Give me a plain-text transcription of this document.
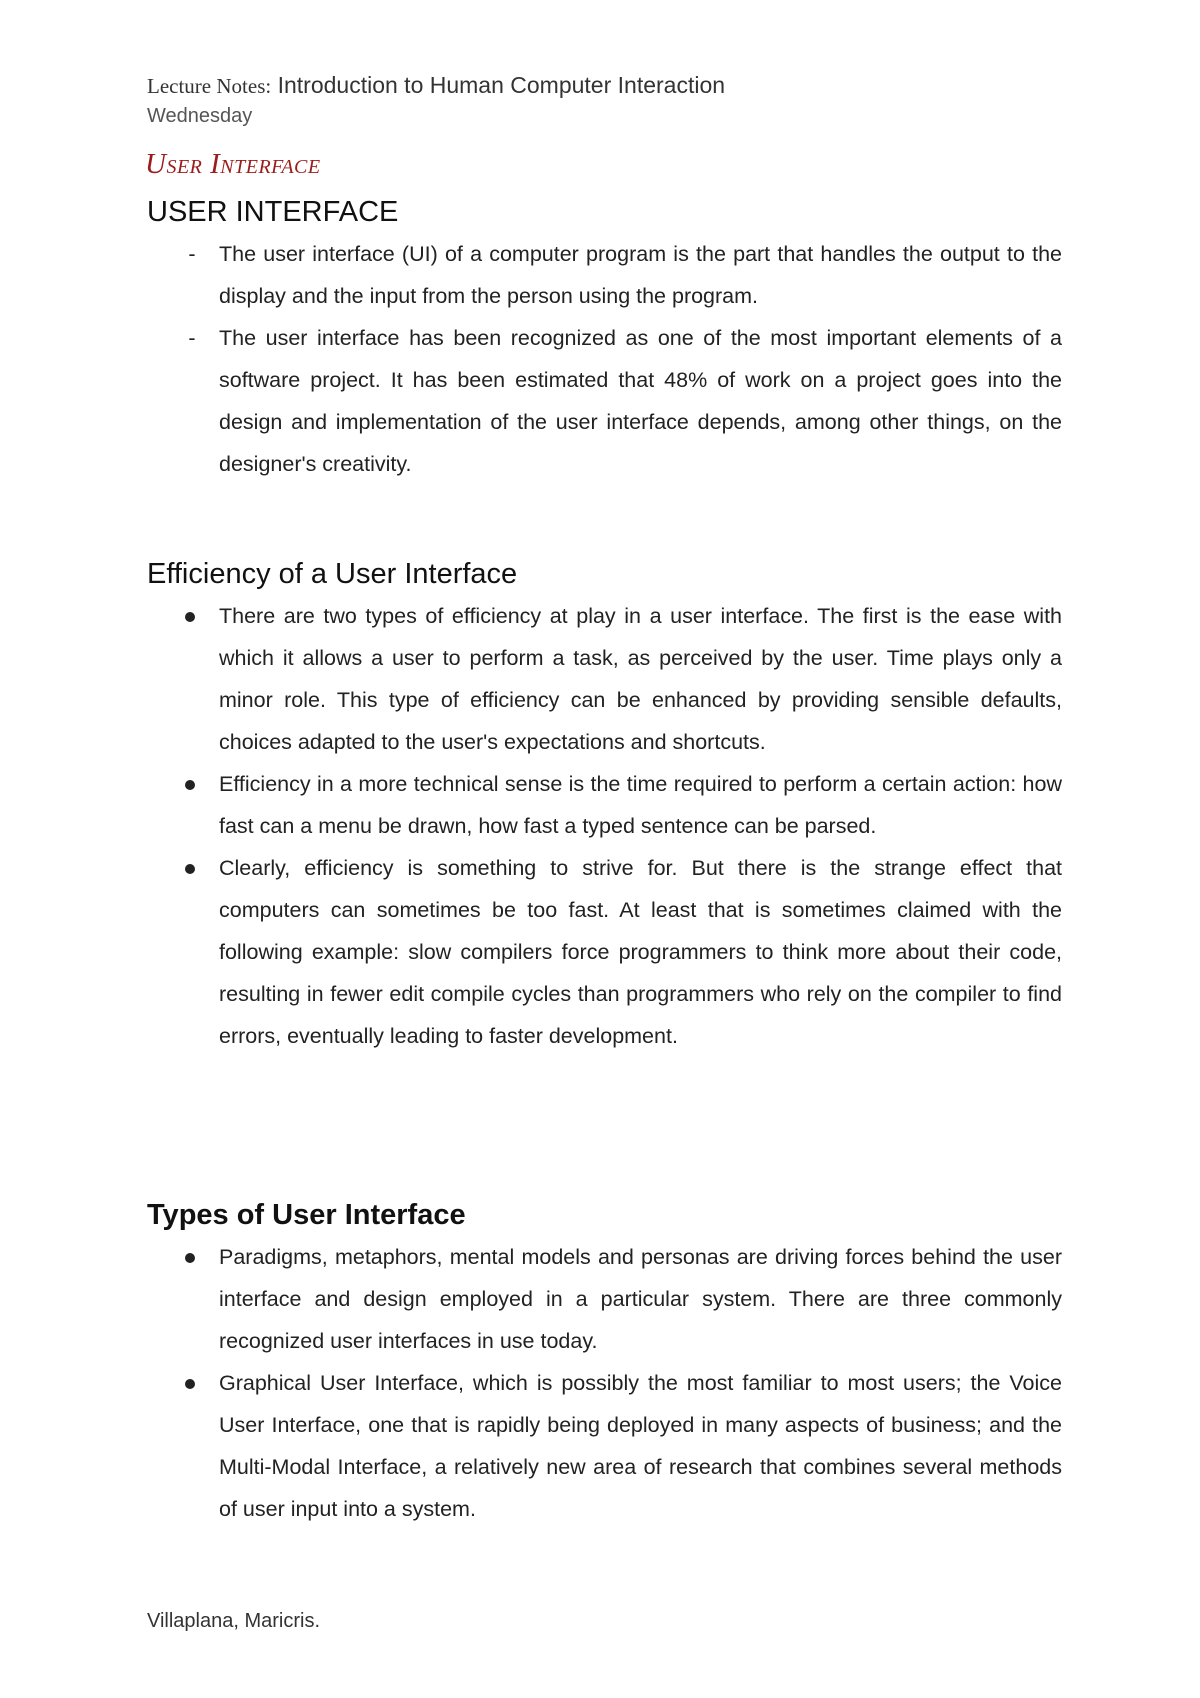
Lecture Notes: Introduction to Human Computer Interaction
Wednesday
User Interface
USER INTERFACE
- The user interface (UI) of a computer program is the part that handles the output to the display and the input from the person using the program.
- The user interface has been recognized as one of the most important elements of a software project. It has been estimated that 48% of work on a project goes into the design and implementation of the user interface depends, among other things, on the designer's creativity.
Efficiency of a User Interface
There are two types of efficiency at play in a user interface. The first is the ease with which it allows a user to perform a task, as perceived by the user. Time plays only a minor role. This type of efficiency can be enhanced by providing sensible defaults, choices adapted to the user's expectations and shortcuts.
Efficiency in a more technical sense is the time required to perform a certain action: how fast can a menu be drawn, how fast a typed sentence can be parsed.
Clearly, efficiency is something to strive for. But there is the strange effect that computers can sometimes be too fast. At least that is sometimes claimed with the following example: slow compilers force programmers to think more about their code, resulting in fewer edit compile cycles than programmers who rely on the compiler to find errors, eventually leading to faster development.
Types of User Interface
Paradigms, metaphors, mental models and personas are driving forces behind the user interface and design employed in a particular system. There are three commonly recognized user interfaces in use today.
Graphical User Interface, which is possibly the most familiar to most users; the Voice User Interface, one that is rapidly being deployed in many aspects of business; and the Multi-Modal Interface, a relatively new area of research that combines several methods of user input into a system.
Villaplana, Maricris.
